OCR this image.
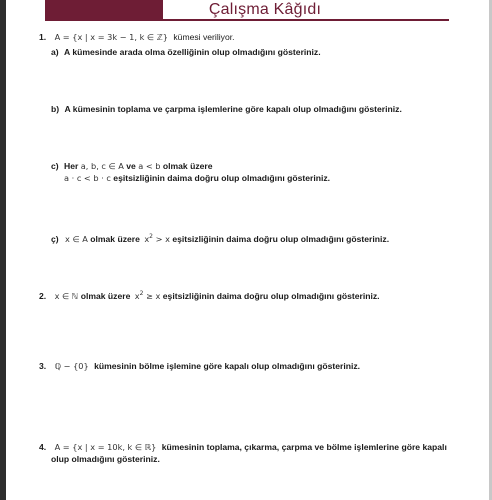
Çalışma Kâğıdı
1. A = {x | x = 3k − 1, k ∈ ℤ} kümesi veriliyor.
a) A kümesinde arada olma özelliğinin olup olmadığını gösteriniz.
b) A kümesinin toplama ve çarpma işlemlerine göre kapalı olup olmadığını gösteriniz.
c) Her a, b, c ∈ A ve a < b olmak üzere
a · c < b · c eşitsizliğinin daima doğru olup olmadığını gösteriniz.
ç) x ∈ A olmak üzere $x^2 > x$ eşitsizliğinin daima doğru olup olmadığını gösteriniz.
2. x ∈ ℕ olmak üzere $x^2 \ge x$ eşitsizliğinin daima doğru olup olmadığını gösteriniz.
3. ℚ − {0} kümesinin bölme işlemine göre kapalı olup olmadığını gösteriniz.
4. A = {x | x = 10k, k ∈ ℝ} kümesinin toplama, çıkarma, çarpma ve bölme işlemlerine göre kapalı
olup olmadığını gösteriniz.
